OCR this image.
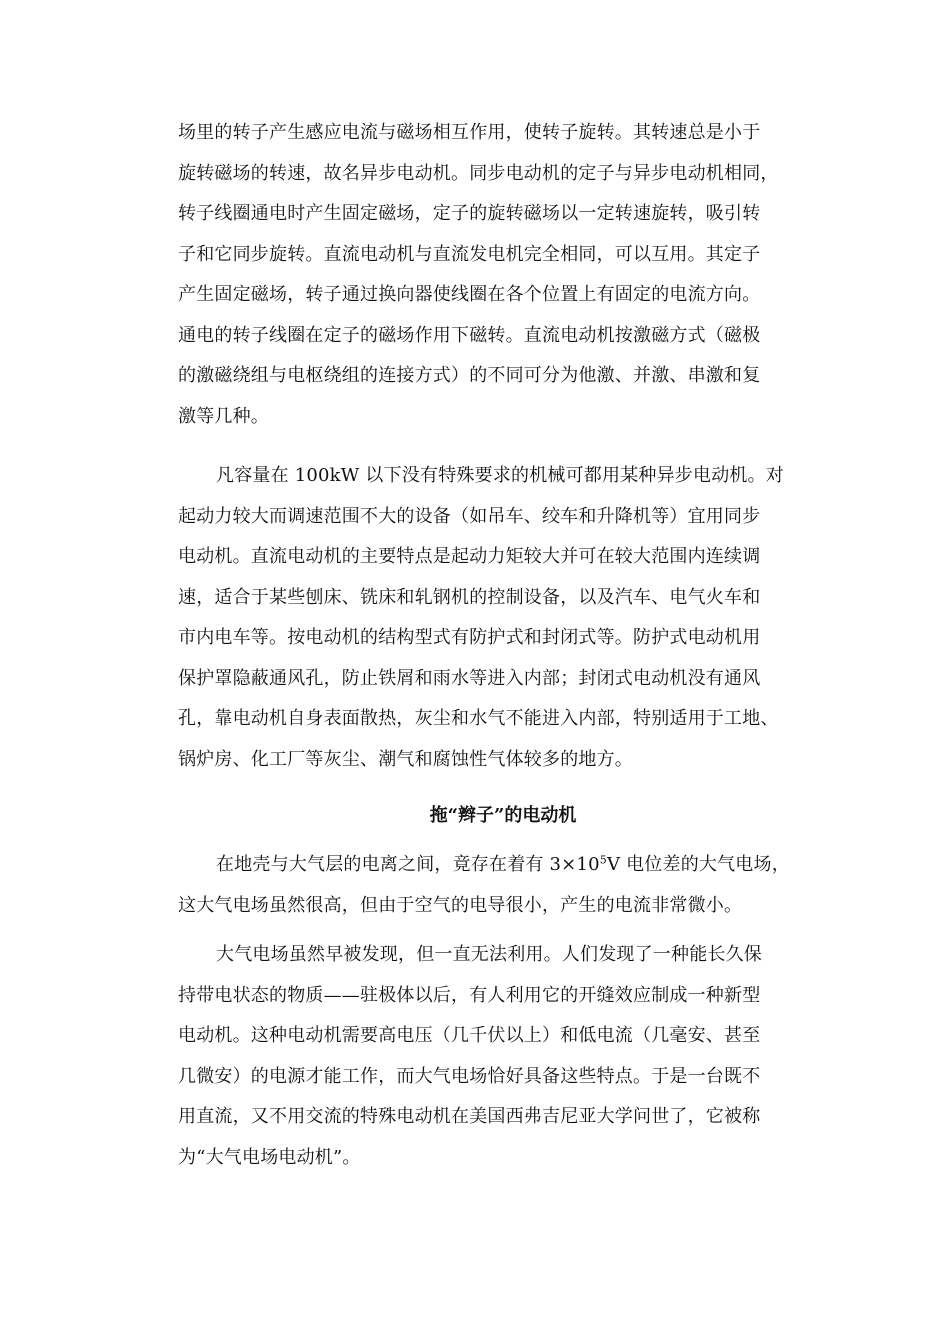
场里的转子产生感应电流与磁场相互作用，使转子旋转。其转速总是小于
旋转磁场的转速，故名异步电动机。同步电动机的定子与异步电动机相同，
转子线圈通电时产生固定磁场，定子的旋转磁场以一定转速旋转，吸引转
子和它同步旋转。直流电动机与直流发电机完全相同，可以互用。其定子
产生固定磁场，转子通过换向器使线圈在各个位置上有固定的电流方向。
通电的转子线圈在定子的磁场作用下磁转。直流电动机按激磁方式（磁极
的激磁绕组与电枢绕组的连接方式）的不同可分为他激、并激、串激和复
激等几种。
凡容量在 100kW 以下没有特殊要求的机械可都用某种异步电动机。对
起动力较大而调速范围不大的设备（如吊车、绞车和升降机等）宜用同步
电动机。直流电动机的主要特点是起动力矩较大并可在较大范围内连续调
速，适合于某些刨床、铣床和轧钢机的控制设备，以及汽车、电气火车和
市内电车等。按电动机的结构型式有防护式和封闭式等。防护式电动机用
保护罩隐蔽通风孔，防止铁屑和雨水等进入内部；封闭式电动机没有通风
孔，靠电动机自身表面散热，灰尘和水气不能进入内部，特别适用于工地、
锅炉房、化工厂等灰尘、潮气和腐蚀性气体较多的地方。
拖“辫子”的电动机
在地壳与大气层的电离之间，竟存在着有 $3\times 10^5V$ 电位差的大气电场，
这大气电场虽然很高，但由于空气的电导很小，产生的电流非常微小。
大气电场虽然早被发现，但一直无法利用。人们发现了一种能长久保
持带电状态的物质——驻极体以后，有人利用它的开缝效应制成一种新型
电动机。这种电动机需要高电压（几千伏以上）和低电流（几毫安、甚至
几微安）的电源才能工作，而大气电场恰好具备这些特点。于是一台既不
用直流，又不用交流的特殊电动机在美国西弗吉尼亚大学问世了，它被称
为“大气电场电动机”。
